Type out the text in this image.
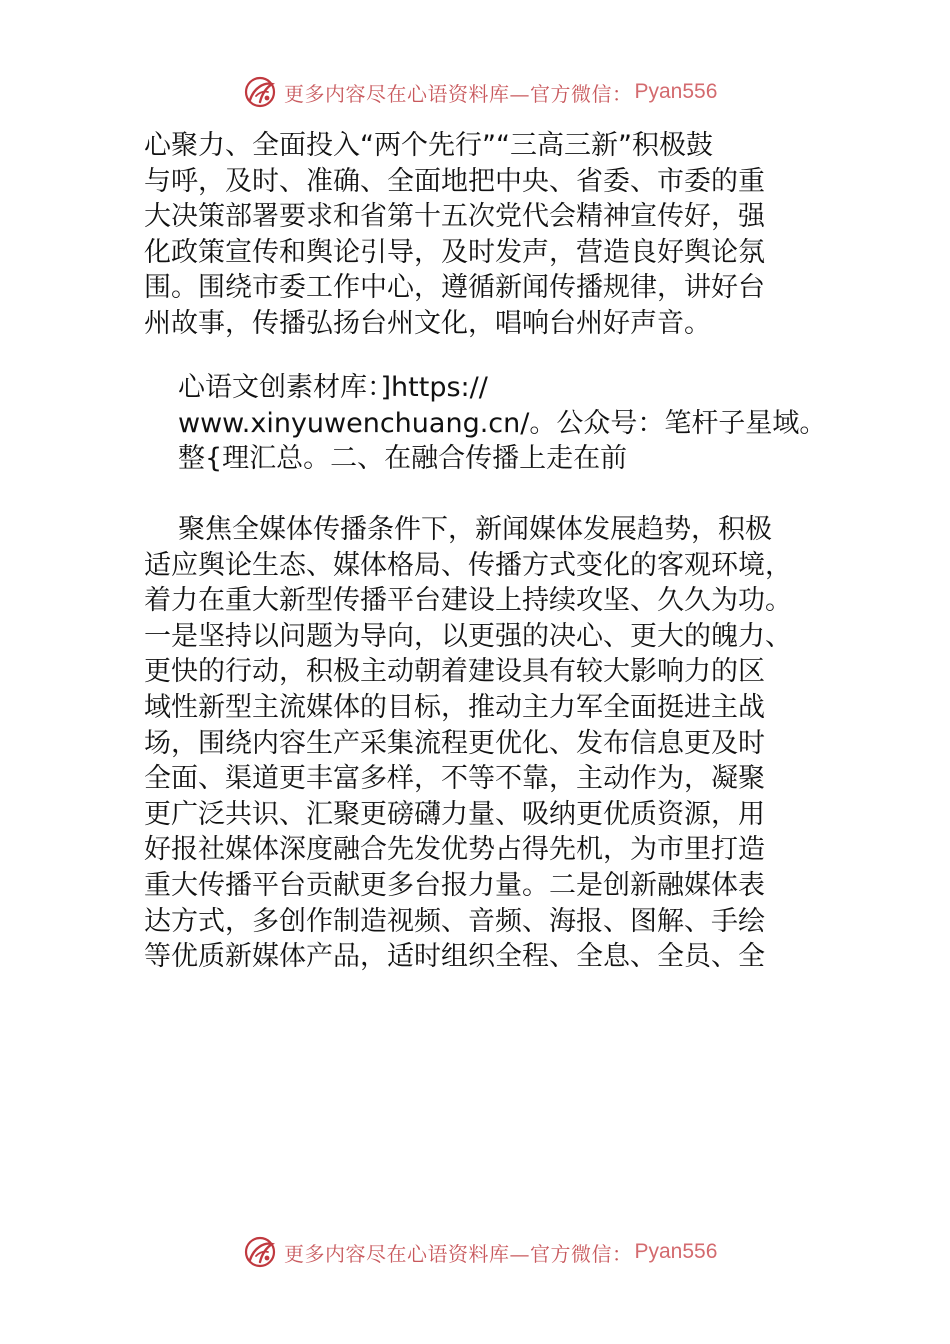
更多内容尽在心语资料库—官方微信： Pyan556
心聚力、全面投入“两个先行”“三高三新”积极鼓
与呼，及时、准确、全面地把中央、省委、市委的重
大决策部署要求和省第十五次党代会精神宣传好，强
化政策宣传和舆论引导，及时发声，营造良好舆论氛
围。围绕市委工作中心，遵循新闻传播规律，讲好台
州故事，传播弘扬台州文化，唱响台州好声音。
心语文创素材库：]https://
www.xinyuwenchuang.cn/。公众号：笔杆子星域。
整{理汇总。二、在融合传播上走在前
聚焦全媒体传播条件下，新闻媒体发展趋势，积极
适应舆论生态、媒体格局、传播方式变化的客观环境，
着力在重大新型传播平台建设上持续攻坚、久久为功。
一是坚持以问题为导向，以更强的决心、更大的魄力、
更快的行动，积极主动朝着建设具有较大影响力的区
域性新型主流媒体的目标，推动主力军全面挺进主战
场，围绕内容生产采集流程更优化、发布信息更及时
全面、渠道更丰富多样，不等不靠，主动作为，凝聚
更广泛共识、汇聚更磅礴力量、吸纳更优质资源，用
好报社媒体深度融合先发优势占得先机，为市里打造
重大传播平台贡献更多台报力量。二是创新融媒体表
达方式，多创作制造视频、音频、海报、图解、手绘
等优质新媒体产品，适时组织全程、全息、全员、全
更多内容尽在心语资料库—官方微信： Pyan556
